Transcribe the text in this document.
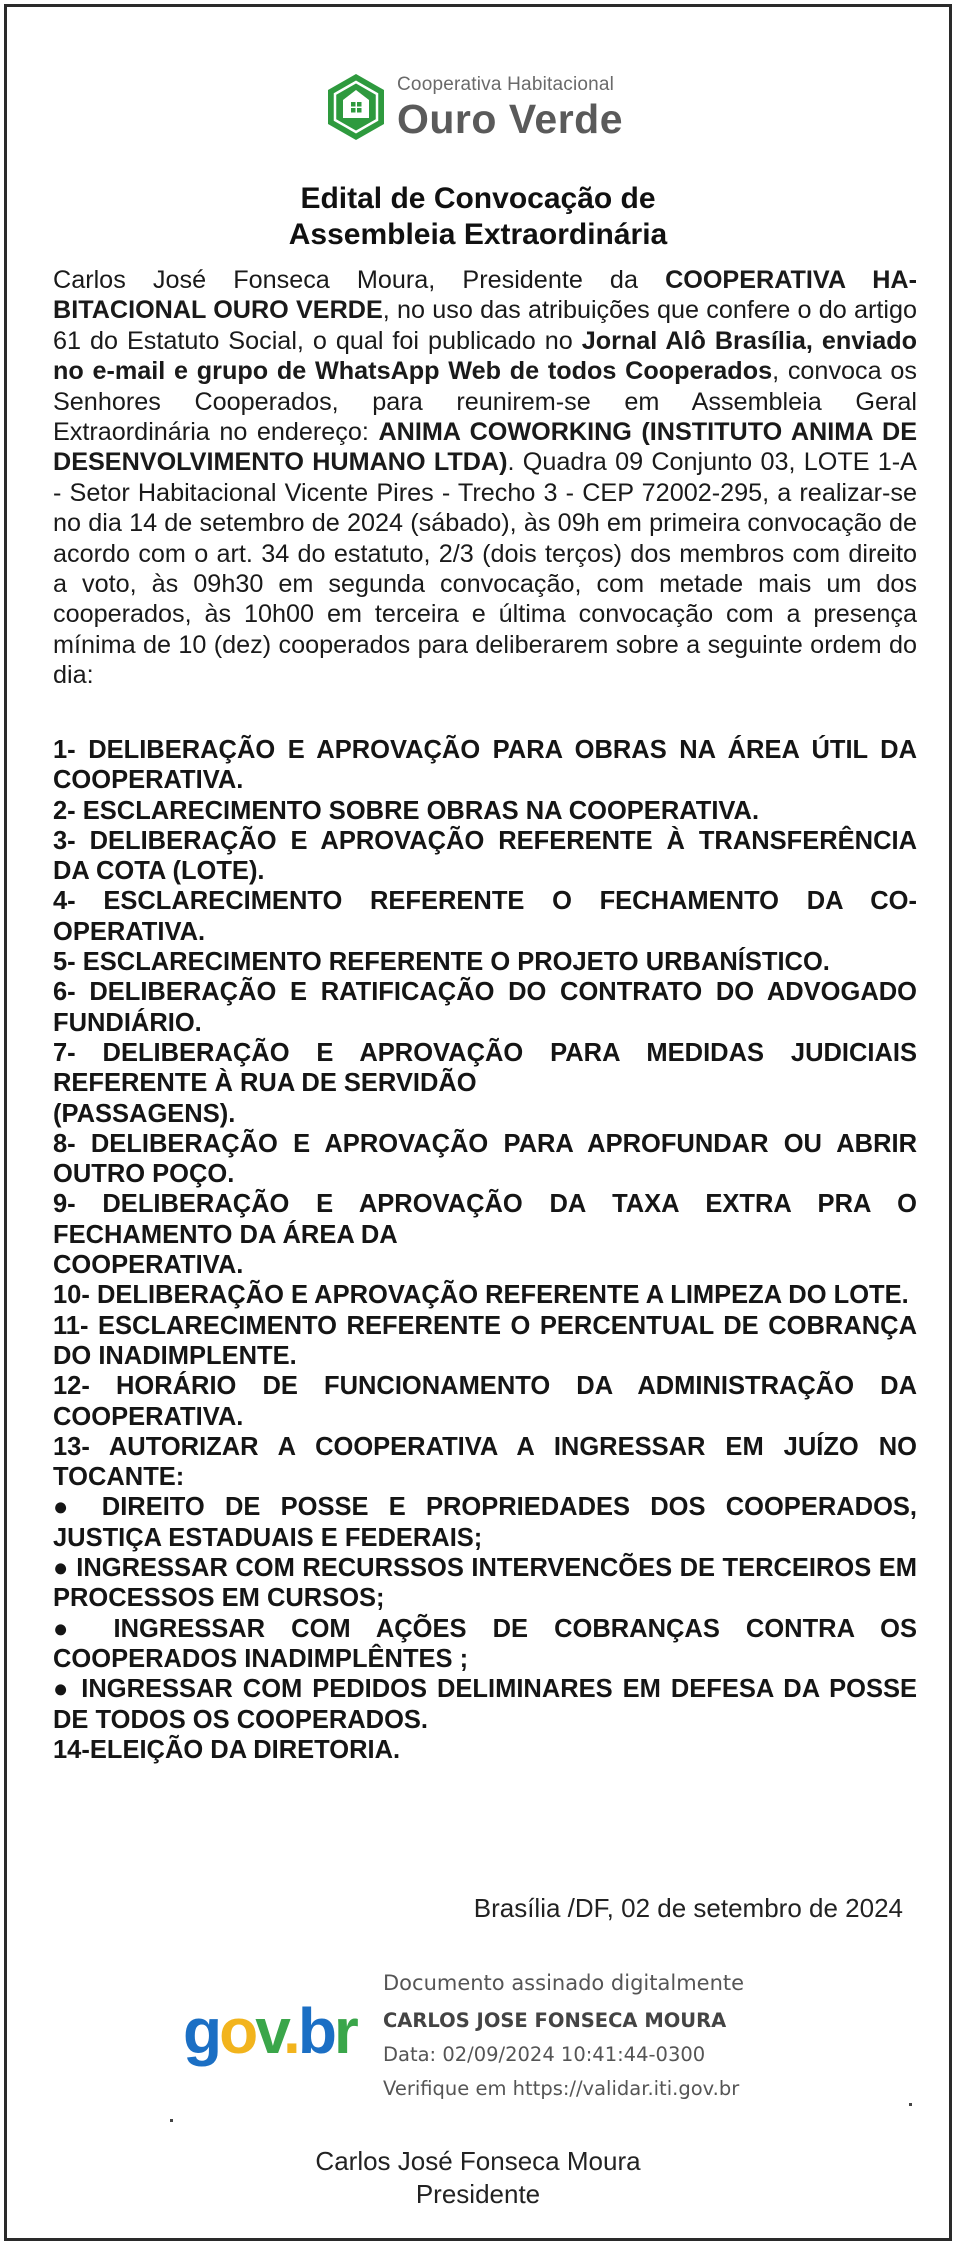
Cooperativa Habitacional
Ouro Verde
Edital de Convocação de
Assembleia Extraordinária
Carlos José Fonseca Moura, Presidente da COOPERATIVA HABITACIONAL OURO VERDE, no uso das atribuições que confere o do artigo 61 do Estatuto Social, o qual foi publicado no Jornal Alô Brasília, enviado no e-mail e grupo de WhatsApp Web de todos Cooperados, convoca os Senhores Cooperados, para reunirem-se em Assembleia Geral Extraordinária no endereço: ANIMA COWORKING (INSTITUTO ANIMA DE DESENVOLVIMENTO HUMANO LTDA). Quadra 09 Conjunto 03, LOTE 1-A - Setor Habitacional Vicente Pires - Trecho 3 - CEP 72002-295, a realizar-se no dia 14 de setembro de 2024 (sábado), às 09h em primeira convocação de acordo com o art. 34 do estatuto, 2/3 (dois terços) dos membros com direito a voto, às 09h30 em segunda convocação, com metade mais um dos cooperados, às 10h00 em terceira e última convocação com a presença mínima de 10 (dez) cooperados para deliberarem sobre a seguinte ordem do dia:
1- DELIBERAÇÃO E APROVAÇÃO PARA OBRAS NA ÁREA ÚTIL DA COOPERATIVA.
2- ESCLARECIMENTO SOBRE OBRAS NA COOPERATIVA.
3- DELIBERAÇÃO E APROVAÇÃO REFERENTE À TRANSFERÊNCIA DA COTA (LOTE).
4- ESCLARECIMENTO REFERENTE O FECHAMENTO DA COOPERATIVA.
5- ESCLARECIMENTO REFERENTE O PROJETO URBANÍSTICO.
6- DELIBERAÇÃO E RATIFICAÇÃO DO CONTRATO DO ADVOGADO FUNDIÁRIO.
7- DELIBERAÇÃO E APROVAÇÃO PARA MEDIDAS JUDICIAIS REFERENTE À RUA DE SERVIDÃO
(PASSAGENS).
8- DELIBERAÇÃO E APROVAÇÃO PARA APROFUNDAR OU ABRIR OUTRO POÇO.
9- DELIBERAÇÃO E APROVAÇÃO DA TAXA EXTRA PRA O FECHAMENTO DA ÁREA DA
COOPERATIVA.
10- DELIBERAÇÃO E APROVAÇÃO REFERENTE A LIMPEZA DO LOTE.
11- ESCLARECIMENTO REFERENTE O PERCENTUAL DE COBRANÇA DO INADIMPLENTE.
12- HORÁRIO DE FUNCIONAMENTO DA ADMINISTRAÇÃO DA COOPERATIVA.
13- AUTORIZAR A COOPERATIVA A INGRESSAR EM JUÍZO NO TOCANTE:
● DIREITO DE POSSE E PROPRIEDADES DOS COOPERADOS, JUSTIÇA ESTADUAIS E FEDERAIS;
● INGRESSAR COM RECURSSOS INTERVENCÕES DE TERCEIROS EM PROCESSOS EM CURSOS;
● INGRESSAR COM AÇÕES DE COBRANÇAS CONTRA OS COOPERADOS INADIMPLÊNTES ;
● INGRESSAR COM PEDIDOS DELIMINARES EM DEFESA DA POSSE DE TODOS OS COOPERADOS.
14-ELEIÇÃO DA DIRETORIA.
Brasília /DF, 02 de setembro de 2024
gov.br
Documento assinado digitalmente
CARLOS JOSE FONSECA MOURA
Data: 02/09/2024 10:41:44-0300
Verifique em https://validar.iti.gov.br
Carlos José Fonseca Moura
Presidente
